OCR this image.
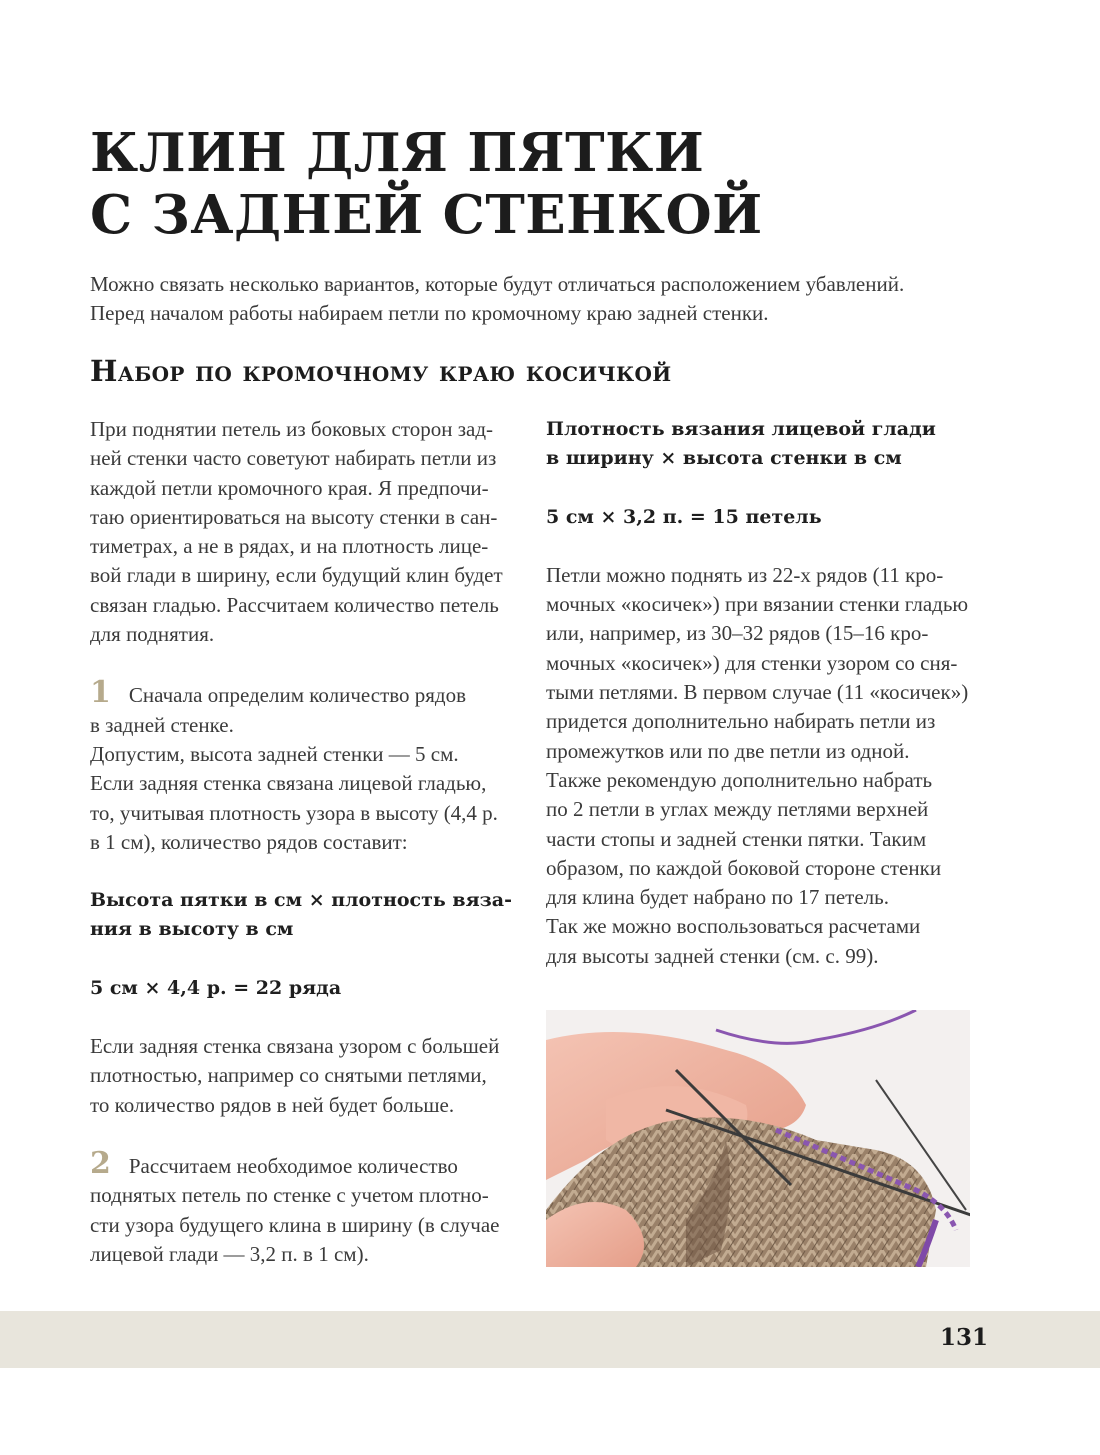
КЛИН ДЛЯ ПЯТКИ
С ЗАДНЕЙ СТЕНКОЙ
Можно связать несколько вариантов, которые будут отличаться расположением убавлений.
Перед началом работы набираем петли по кромочному краю задней стенки.
Набор по кромочному краю косичкой

При поднятии петель из боковых сторон зад-
ней стенки часто советуют набирать петли из
каждой петли кромочного края. Я предпочи-
таю ориентироваться на высоту стенки в сан-
тиметрах, а не в рядах, и на плотность лице-
вой глади в ширину, если будущий клин будет
связан гладью. Рассчитаем количество петель
для поднятия.

1 Сначала определим количество рядов
в задней стенке.
Допустим, высота задней стенки — 5 см.
Если задняя стенка связана лицевой гладью,
то, учитывая плотность узора в высоту (4,4 р.
в 1 см), количество рядов составит:

Высота пятки в см × плотность вяза-
ния в высоту в см

5 см × 4,4 р. = 22 ряда

Если задняя стенка связана узором с большей
плотностью, например со снятыми петлями,
то количество рядов в ней будет больше.

2 Рассчитаем необходимое количество
поднятых петель по стенке с учетом плотно-
сти узора будущего клина в ширину (в случае
лицевой глади — 3,2 п. в 1 см).

Плотность вязания лицевой глади
в ширину × высота стенки в см

5 см × 3,2 п. = 15 петель

Петли можно поднять из 22-х рядов (11 кро-
мочных «косичек») при вязании стенки гладью
или, например, из 30–32 рядов (15–16 кро-
мочных «косичек») для стенки узором со сня-
тыми петлями. В первом случае (11 «косичек»)
придется дополнительно набирать петли из
промежутков или по две петли из одной.
Также рекомендую дополнительно набрать
по 2 петли в углах между петлями верхней
части стопы и задней стенки пятки. Таким
образом, по каждой боковой стороне стенки
для клина будет набрано по 17 петель.
Так же можно воспользоваться расчетами
для высоты задней стенки (см. с. 99).

131
